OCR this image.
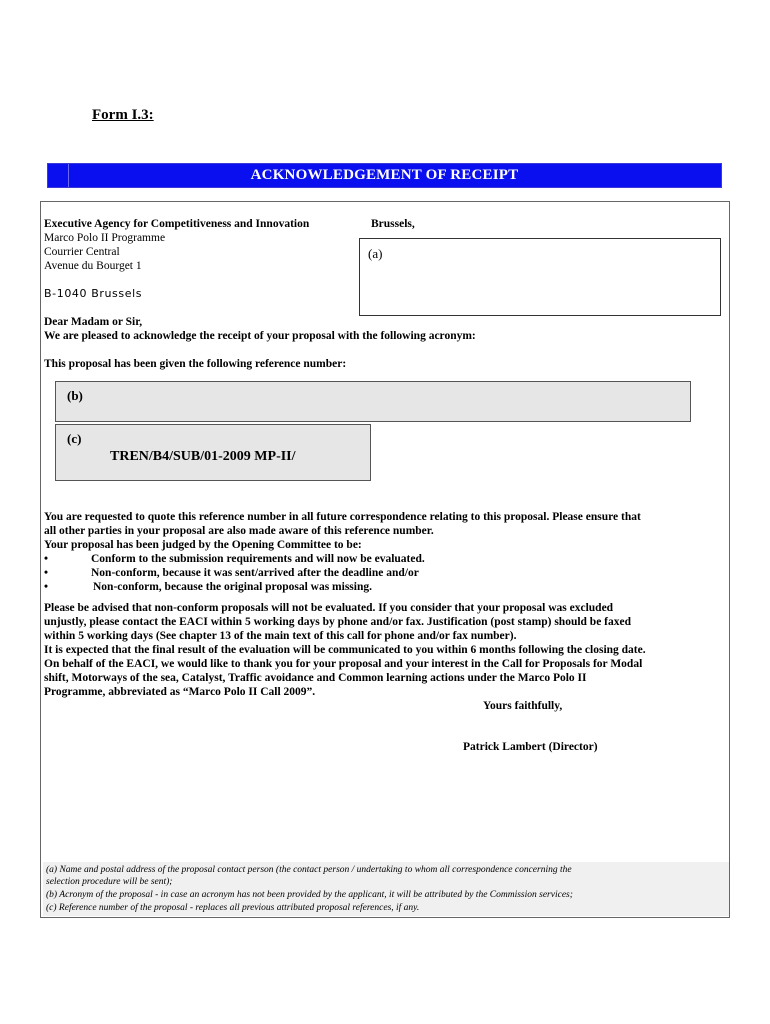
Form I.3:
ACKNOWLEDGEMENT OF RECEIPT
Executive Agency for Competitiveness and Innovation
Marco Polo II Programme
Courrier Central
Avenue du Bourget 1
B-1040 Brussels
Brussels,
(a)
Dear Madam or Sir,
We are pleased to acknowledge the receipt of your proposal with the following acronym:
This proposal has been given the following reference number:
(b)
(c)
TREN/B4/SUB/01-2009 MP-II/
You are requested to quote this reference number in all future correspondence relating to this proposal. Please ensure that
all other parties in your proposal are also made aware of this reference number.
Your proposal has been judged by the Opening Committee to be:
•	Conform to the submission requirements and will now be evaluated.
•	Non-conform, because it was sent/arrived after the deadline and/or
•	Non-conform, because the original proposal was missing.
Please be advised that non-conform proposals will not be evaluated. If you consider that your proposal was excluded
unjustly, please contact the EACI within 5 working days by phone and/or fax. Justification (post stamp) should be faxed
within 5 working days (See chapter 13 of the main text of this call for phone and/or fax number).
It is expected that the final result of the evaluation will be communicated to you within 6 months following the closing date.
On behalf of the EACI, we would like to thank you for your proposal and your interest in the Call for Proposals for Modal
shift, Motorways of the sea, Catalyst, Traffic avoidance and Common learning actions under the Marco Polo II
Programme, abbreviated as “Marco Polo II Call 2009”.
Yours faithfully,
Patrick Lambert (Director)
(a) Name and postal address of the proposal contact person (the contact person / undertaking to whom all correspondence concerning the
selection procedure will be sent);
(b) Acronym of the proposal - in case an acronym has not been provided by the applicant, it will be attributed by the Commission services;
(c) Reference number of the proposal - replaces all previous attributed proposal references, if any.
